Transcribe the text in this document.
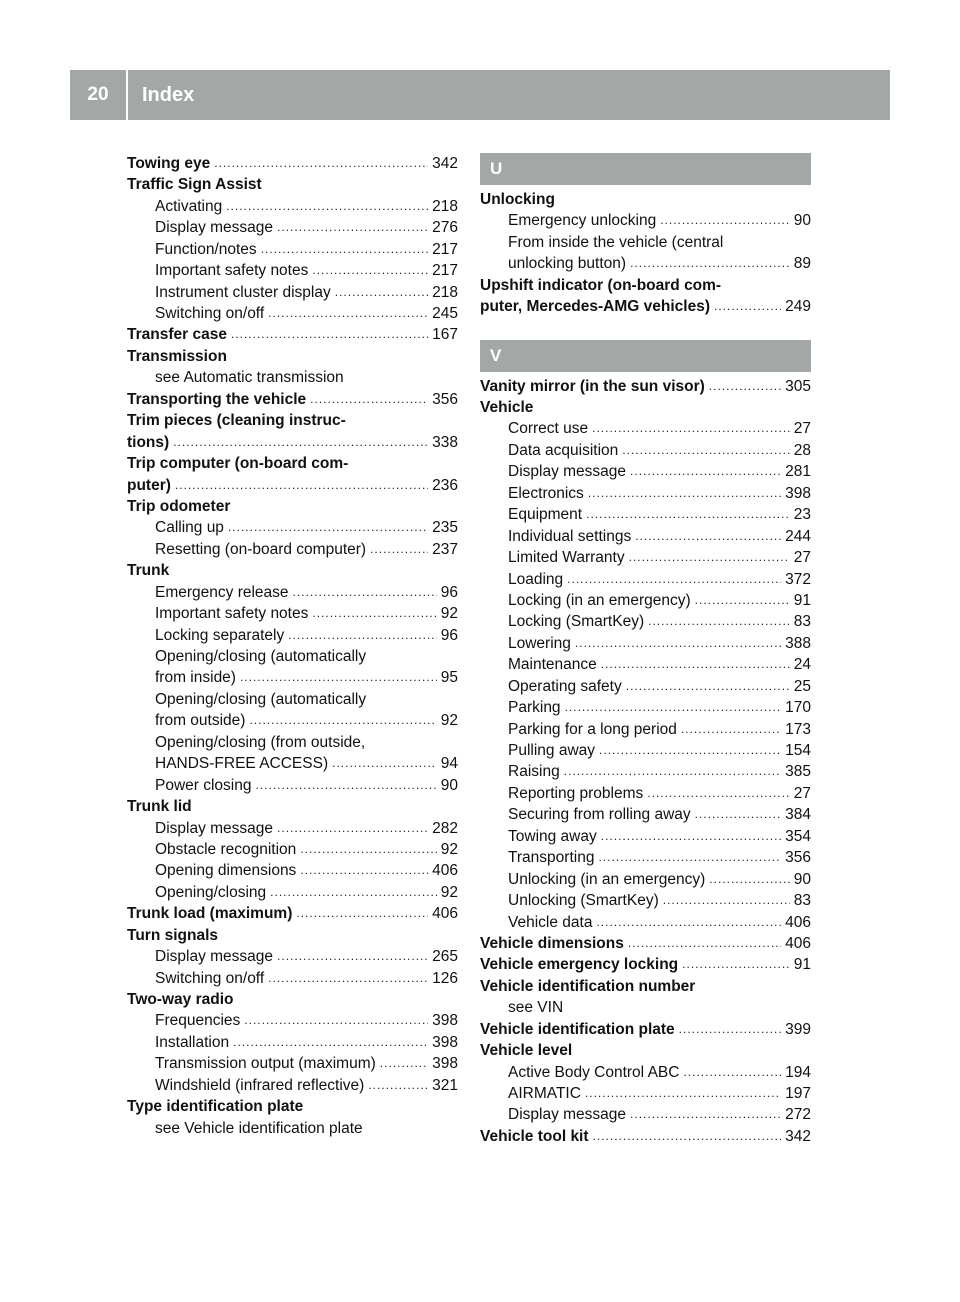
20	Index
Towing eye .....	342
Traffic Sign Assist
Activating .....	218
Display message .....	276
Function/notes .....	217
Important safety notes .....	217
Instrument cluster display .....	218
Switching on/off .....	245
Transfer case .....	167
Transmission
see Automatic transmission
Transporting the vehicle .....	356
Trim pieces (cleaning instruc-
tions) .....	338
Trip computer (on-board com-
puter) .....	236
Trip odometer
Calling up .....	235
Resetting (on-board computer) .....	237
Trunk
Emergency release .....	96
Important safety notes .....	92
Locking separately .....	96
Opening/closing (automatically
from inside) .....	95
Opening/closing (automatically
from outside) .....	92
Opening/closing (from outside,
HANDS-FREE ACCESS) .....	94
Power closing .....	90
Trunk lid
Display message .....	282
Obstacle recognition .....	92
Opening dimensions .....	406
Opening/closing .....	92
Trunk load (maximum) .....	406
Turn signals
Display message .....	265
Switching on/off .....	126
Two-way radio
Frequencies .....	398
Installation .....	398
Transmission output (maximum) .....	398
Windshield (infrared reflective) .....	321
Type identification plate
see Vehicle identification plate
U
Unlocking
Emergency unlocking .....	90
From inside the vehicle (central
unlocking button) .....	89
Upshift indicator (on-board com-
puter, Mercedes-AMG vehicles) .....	249
V
Vanity mirror (in the sun visor) .....	305
Vehicle
Correct use .....	27
Data acquisition .....	28
Display message .....	281
Electronics .....	398
Equipment .....	23
Individual settings .....	244
Limited Warranty .....	27
Loading .....	372
Locking (in an emergency) .....	91
Locking (SmartKey) .....	83
Lowering .....	388
Maintenance .....	24
Operating safety .....	25
Parking .....	170
Parking for a long period .....	173
Pulling away .....	154
Raising .....	385
Reporting problems .....	27
Securing from rolling away .....	384
Towing away .....	354
Transporting .....	356
Unlocking (in an emergency) .....	90
Unlocking (SmartKey) .....	83
Vehicle data .....	406
Vehicle dimensions .....	406
Vehicle emergency locking .....	91
Vehicle identification number
see VIN
Vehicle identification plate .....	399
Vehicle level
Active Body Control ABC .....	194
AIRMATIC .....	197
Display message .....	272
Vehicle tool kit .....	342
